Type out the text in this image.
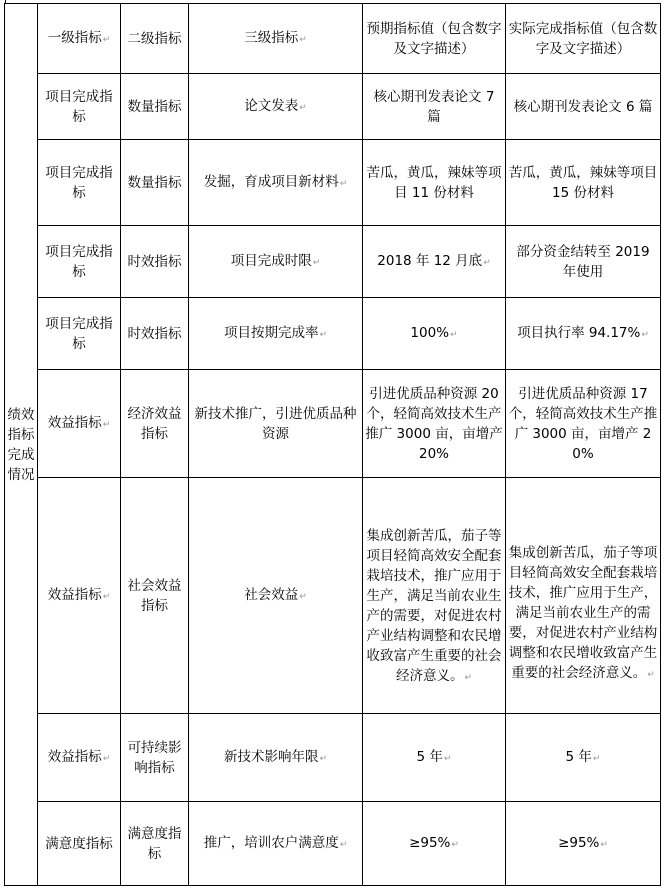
绩效指标完成情况	一级指标↵	二级指标	三级指标↵	预期指标值（包含数字及文字描述）	实际完成指标值（包含数字及文字描述）
	项目完成指标	数量指标	论文发表↵	核心期刊发表论文 7 篇	核心期刊发表论文 6 篇
	项目完成指标	数量指标	发掘，育成项目新材料↵	苦瓜，黄瓜，辣妹等项目 11 份材料	苦瓜，黄瓜，辣妹等项目 15 份材料
	项目完成指标	时效指标	项目完成时限↵	2018 年 12 月底↵	部分资金结转至 2019 年使用
	项目完成指标	时效指标	项目按期完成率↵	100%↵	项目执行率 94.17%↵
	效益指标↵	经济效益指标	新技术推广，引进优质品种资源	引进优质品种资源 20 个，轻简高效技术生产推广 3000 亩，亩增产 20%	引进优质品种资源 17 个，轻简高效技术生产推广 3000 亩，亩增产 20%
	效益指标↵	社会效益指标	社会效益↵	集成创新苦瓜，茄子等项目轻简高效安全配套栽培技术，推广应用于生产，满足当前农业生产的需要，对促进农村产业结构调整和农民增收致富产生重要的社会经济意义。↵	集成创新苦瓜，茄子等项目轻简高效安全配套栽培技术，推广应用于生产，满足当前农业生产的需要，对促进农村产业结构调整和农民增收致富产生重要的社会经济意义。↵
	效益指标↵	可持续影响指标	新技术影响年限↵	5 年↵	5 年↵
	满意度指标	满意度指标	推广，培训农户满意度↵	≥95%↵	≥95%↵
